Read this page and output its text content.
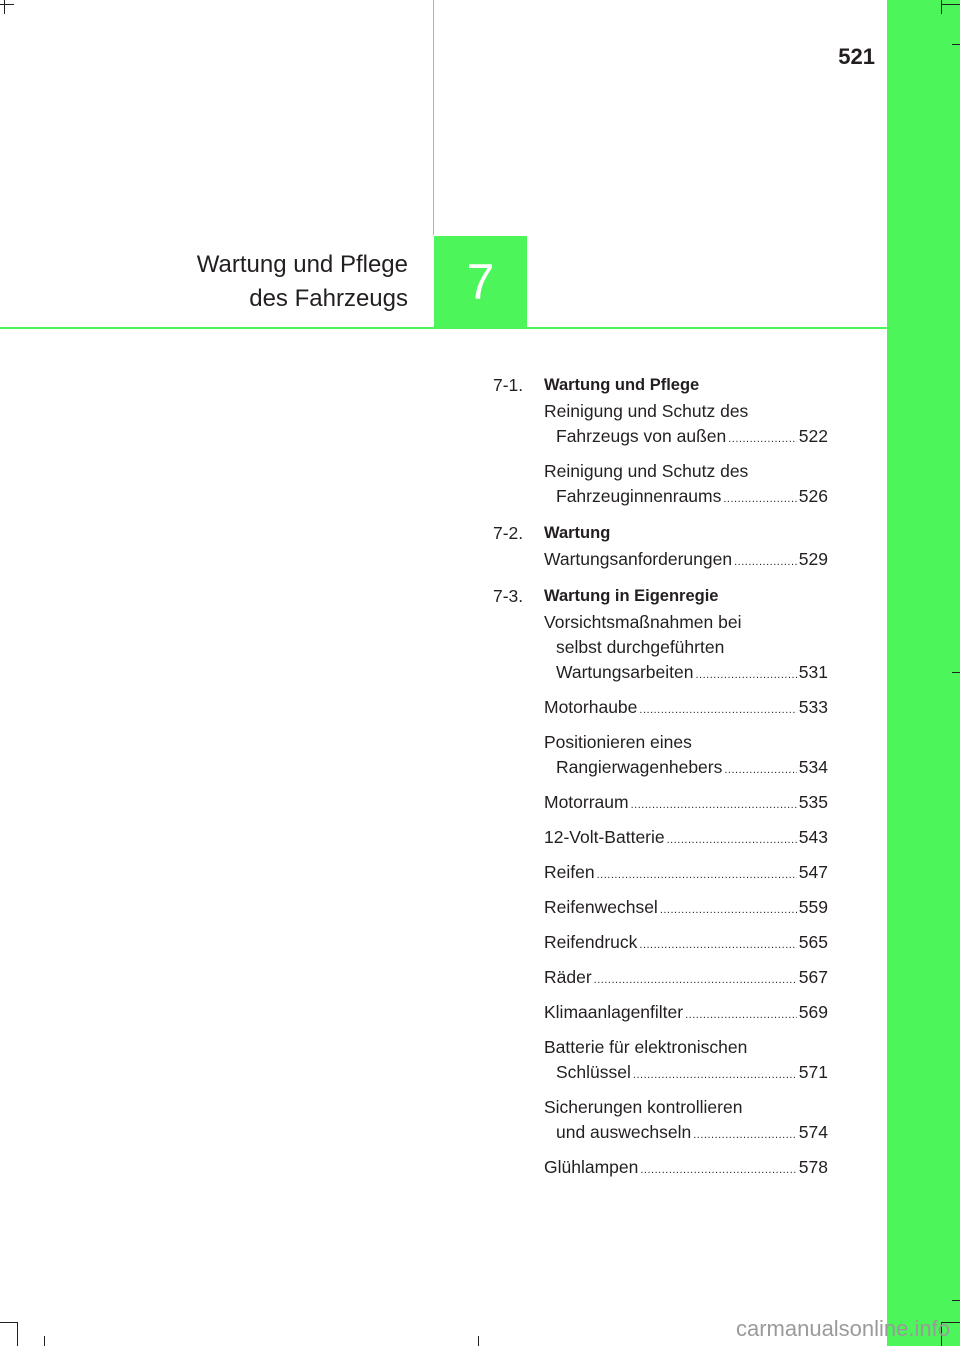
521
Wartung und Pflege
des Fahrzeugs	7
7-1.	Wartung und Pflege
Reinigung und Schutz des
Fahrzeugs von außen .....	522
Reinigung und Schutz des
Fahrzeuginnenraums .....	526
7-2.	Wartung
Wartungsanforderungen .....	529
7-3.	Wartung in Eigenregie
Vorsichtsmaßnahmen bei
selbst durchgeführten
Wartungsarbeiten .....	531
Motorhaube .....	533
Positionieren eines
Rangierwagenhebers .....	534
Motorraum .....	535
12-Volt-Batterie .....	543
Reifen .....	547
Reifenwechsel .....	559
Reifendruck .....	565
Räder .....	567
Klimaanlagenfilter .....	569
Batterie für elektronischen
Schlüssel .....	571
Sicherungen kontrollieren
und auswechseln .....	574
Glühlampen .....	578
carmanualsonline.info
